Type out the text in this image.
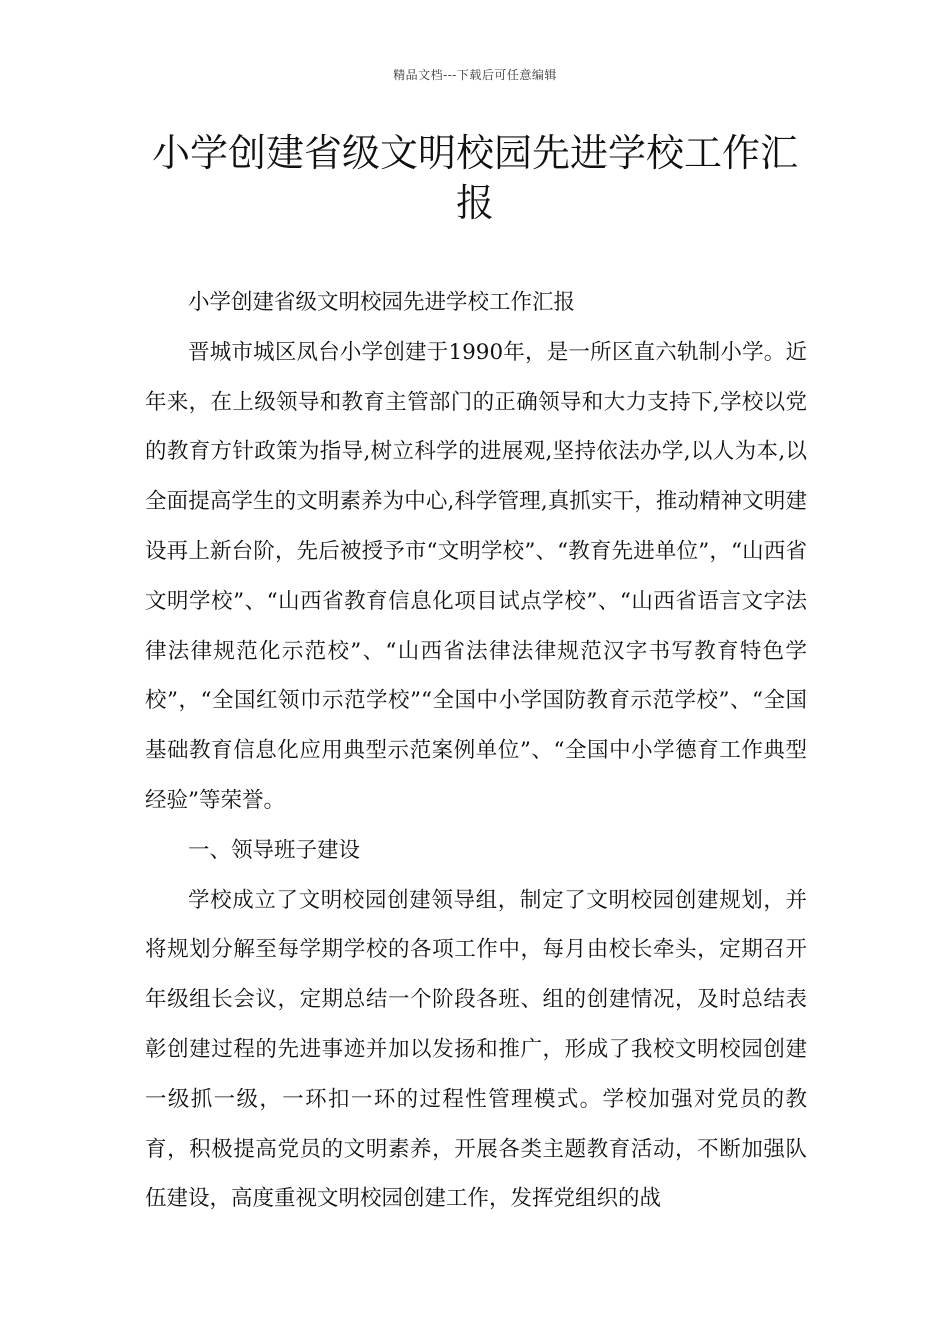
精品文档---下载后可任意编辑
小学创建省级文明校园先进学校工作汇报

小学创建省级文明校园先进学校工作汇报

晋城市城区凤台小学创建于1990年，是一所区直六轨制小学。近年来，在上级领导和教育主管部门的正确领导和大力支持下,学校以党的教育方针政策为指导,树立科学的进展观,坚持依法办学,以人为本,以全面提高学生的文明素养为中心,科学管理,真抓实干，推动精神文明建设再上新台阶，先后被授予市“文明学校”、“教育先进单位”，“山西省文明学校”、“山西省教育信息化项目试点学校”、“山西省语言文字法律法律规范化示范校”、“山西省法律法律规范汉字书写教育特色学校”，“全国红领巾示范学校”“全国中小学国防教育示范学校”、“全国基础教育信息化应用典型示范案例单位”、“全国中小学德育工作典型经验”等荣誉。

一、领导班子建设

学校成立了文明校园创建领导组，制定了文明校园创建规划，并将规划分解至每学期学校的各项工作中，每月由校长牵头，定期召开年级组长会议，定期总结一个阶段各班、组的创建情况，及时总结表彰创建过程的先进事迹并加以发扬和推广，形成了我校文明校园创建一级抓一级，一环扣一环的过程性管理模式。学校加强对党员的教育，积极提高党员的文明素养，开展各类主题教育活动，不断加强队伍建设，高度重视文明校园创建工作，发挥党组织的战
